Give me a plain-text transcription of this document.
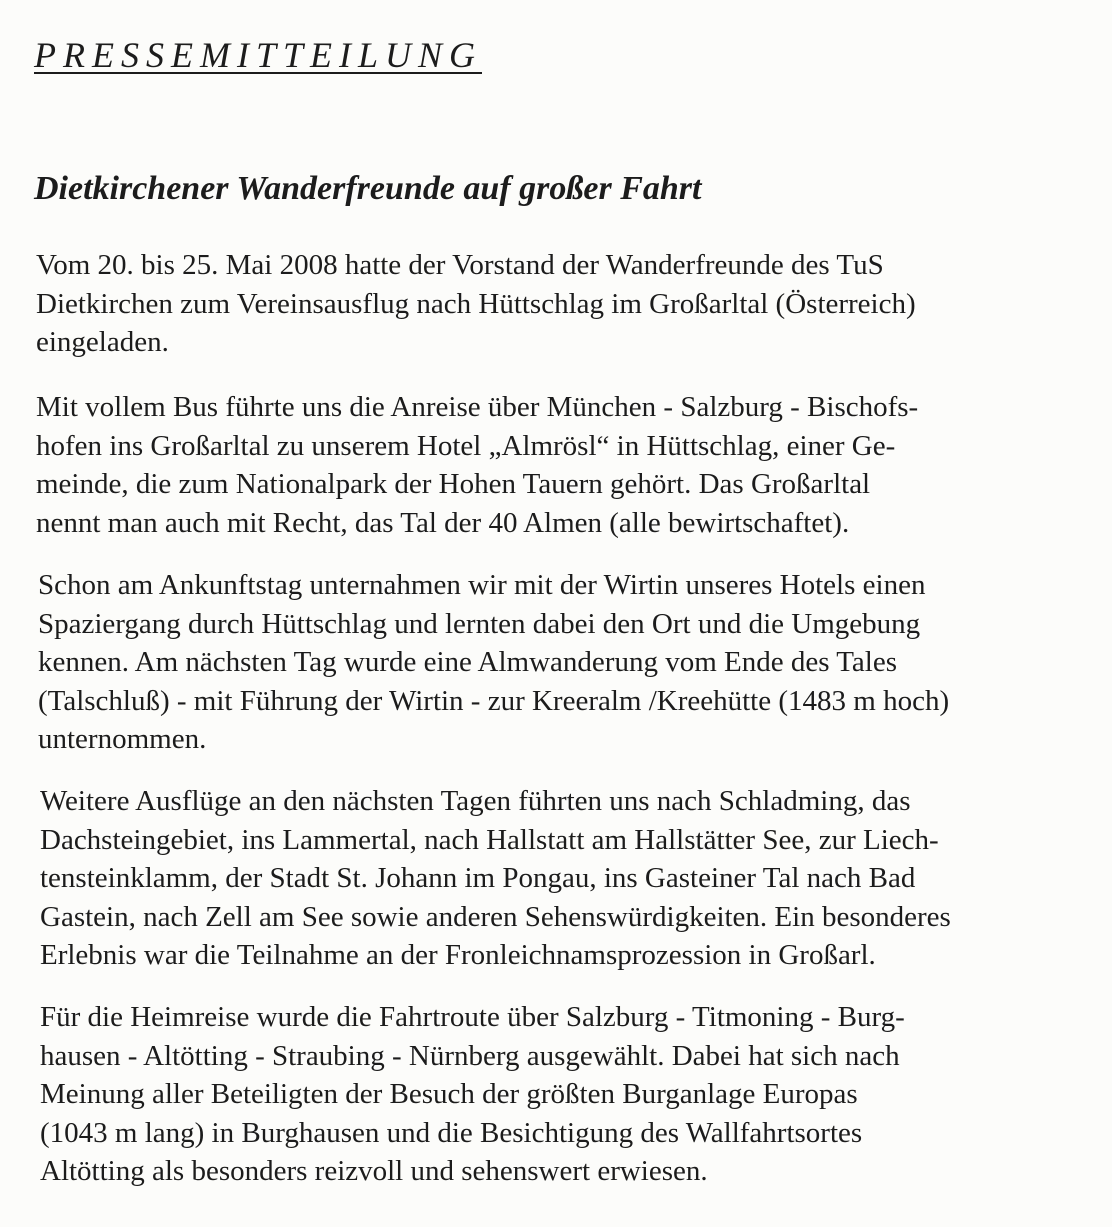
PRESSEMITTEILUNG
Dietkirchener Wanderfreunde auf großer Fahrt

Vom 20. bis 25. Mai 2008 hatte der Vorstand der Wanderfreunde des TuS
Dietkirchen zum Vereinsausflug nach Hüttschlag im Großarltal (Österreich)
eingeladen.

Mit vollem Bus führte uns die Anreise über München - Salzburg - Bischofs-
hofen ins Großarltal zu unserem Hotel „Almrösl“ in Hüttschlag, einer Ge-
meinde, die zum Nationalpark der Hohen Tauern gehört. Das Großarltal
nennt man auch mit Recht, das Tal der 40 Almen (alle bewirtschaftet).

Schon am Ankunftstag unternahmen wir mit der Wirtin unseres Hotels einen
Spaziergang durch Hüttschlag und lernten dabei den Ort und die Umgebung
kennen. Am nächsten Tag wurde eine Almwanderung vom Ende des Tales
(Talschluß) - mit Führung der Wirtin - zur Kreeralm /Kreehütte (1483 m hoch)
unternommen.

Weitere Ausflüge an den nächsten Tagen führten uns nach Schladming, das
Dachsteingebiet, ins Lammertal, nach Hallstatt am Hallstätter See, zur Liech-
tensteinklamm, der Stadt St. Johann im Pongau, ins Gasteiner Tal nach Bad
Gastein, nach Zell am See sowie anderen Sehenswürdigkeiten. Ein besonderes
Erlebnis war die Teilnahme an der Fronleichnamsprozession in Großarl.

Für die Heimreise wurde die Fahrtroute über Salzburg - Titmoning - Burg-
hausen - Altötting - Straubing - Nürnberg ausgewählt. Dabei hat sich nach
Meinung aller Beteiligten der Besuch der größten Burganlage Europas
(1043 m lang) in Burghausen und die Besichtigung des Wallfahrtsortes
Altötting als besonders reizvoll und sehenswert erwiesen.
